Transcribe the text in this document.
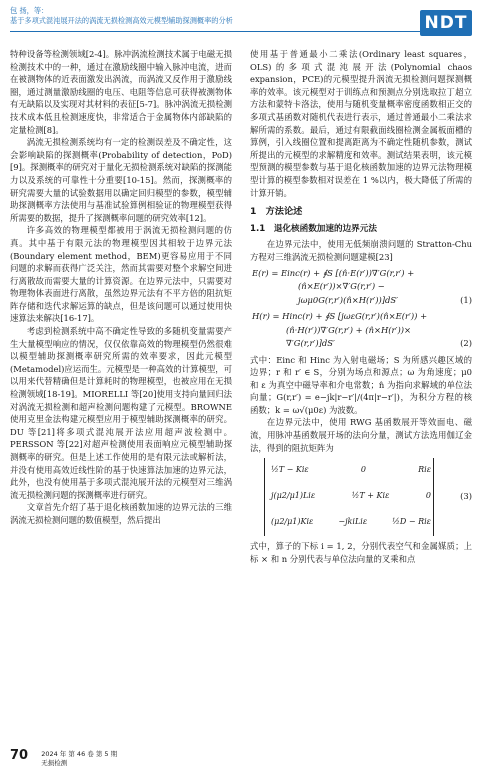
包 扬，等：
基于多项式混沌展开法的涡流无损检测高效元模型辅助探测概率的分析	NDT

特种设备等检测领域[2-4]。脉冲涡流检测技术属于电磁无损检测技术中的一种，通过在激励线圈中输入脉冲电流，进而在被测物体的近表面激发出涡流，而涡流又反作用于激励线圈，通过测量激励线圈的电压、电阻等信息可获得被测物体有无缺陷以及实现对其材料的表征[5-7]。脉冲涡流无损检测技术成本低且检测速度快，非常适合于金属物体内部缺陷的定量检测[8]。

涡流无损检测系统均有一定的检测误差及不确定性，这会影响缺陷的探测概率(Probability of detection，PoD)[9]。探测概率的研究对于量化无损检测系统对缺陷的探测能力以及系统的可靠性十分重要[10-15]。然而，探测概率的研究需要大量的试验数据用以确定回归模型的参数，模型辅助探测概率方法使用与基准试验算例相验证的物理模型获得所需要的数据，提升了探测概率问题的研究效率[12]。

许多高效的物理模型都被用于涡流无损检测问题的仿真。其中基于有限元法的物理模型因其相较于边界元法(Boundary element method，BEM)更容易应用于不同问题的求解而获得广泛关注，然而其需要对整个求解空间进行离散故而需要大量的计算资源。在边界元法中，只需要对物理物体表面进行离散，虽然边界元法有不平方倍的阻抗矩阵存储和迭代求解运算的缺点，但是该问题可以通过使用快速算法来解决[16-17]。

考虑到检测系统中高不确定性导致的多随机变量需要产生大量模型响应的情况，仅仅依靠高效的物理模型仍然很难以模型辅助探测概率研究所需的效率要求，因此元模型(Metamodel)应运而生。元模型是一种高效的计算模型，可以用来代替精确但是计算耗时的物理模型，也被应用在无损检测领域[18-19]。MIORELLI 等[20]使用支持向量回归法对涡流无损检测和超声检测问题构建了元模型。BROWNE 使用克里金法构建元模型应用于模型辅助探测概率的研究。DU 等[21]将多项式混沌展开法应用超声波检测中。PERSSON 等[22]对超声检测使用表面响应元模型辅助探测概率的研究。但是上述工作使用的是有限元法或解析法，并没有使用高效近线性阶的基于快速算法加速的边界元法，此外，也没有使用基于多项式混沌展开法的元模型对三维涡流无损检测问题的探测概率进行研究。

文章首先介绍了基于退化核函数加速的边界元法的三维涡流无损检测问题的数值模型，然后提出

使用基于普通最小二乘法(Ordinary least squares，OLS)的多项式混沌展开法(Polynomial chaos expansion，PCE)的元模型提升涡流无损检测问题探测概率的效率。该元模型对于训练点和预测点分别选取拉丁超立方法和蒙特卡洛法，使用与随机变量概率密度函数相正交的多项式基函数对随机代表进行表示，通过普通最小二乘法求解所需的系数。最后，通过有限截面线圈检测金属板面槽的算例，引入线圈位置和提离距离为不确定性随机参数，测试所提出的元模型的求解精度和效率。测试结果表明，该元模型预测的模型参数与基于退化核函数加速的边界元法物理模型计算的模型参数相对误差在 1 %以内，极大降低了所需的计算开销。

1　方法论述
1.1　退化核函数加速的边界元法

在边界元法中，使用无低频崩溃问题的 Stratton-Chu 方程对三维涡流无损检测问题建模[23]

E(r) = Einc(r) + ∮S [(n̂·E(r′))∇′G(r,r′) +
(n̂×E(r′))×∇′G(r,r′) −
jωμ0G(r,r′)(n̂×H(r′))]dS′	(1)
H(r) = Hinc(r) + ∮S [jωεG(r,r′)(n̂×E(r′)) +
(n̂·H(r′))∇′G(r,r′) + (n̂×H(r′))×
∇′G(r,r′)]dS′	(2)

式中：Einc 和 Hinc 为入射电磁场；S 为所感兴趣区域的边界；r 和 r′ ∈ S，分别为场点和源点；ω 为角速度；μ0 和 ε 为真空中磁导率和介电常数；n̂ 为指向求解域的单位法向量；G(r,r′) = e−jk|r−r′|/(4π|r−r′|)，为积分方程的核函数；k = ω√(μ0ε) 为波数。

在边界元法中，使用 RWG 基函数展开等效面电、磁流，用脉冲基函数展开场的法向分量，测试方法选用伽辽金法，得到的阻抗矩阵为

½T − Kiε	0	Riε
j(μ2/μ1)Liε	½T + Kiε	0
(μ2/μ1)Kiε	−jkiLiε	½D − Riε
(3)

式中，算子的下标 i = 1, 2，分别代表空气和金属媒质；上标 × 和 n 分别代表与单位法向量的叉乘和点

70 2024 年 第 46 卷 第 5 期
无损检测
